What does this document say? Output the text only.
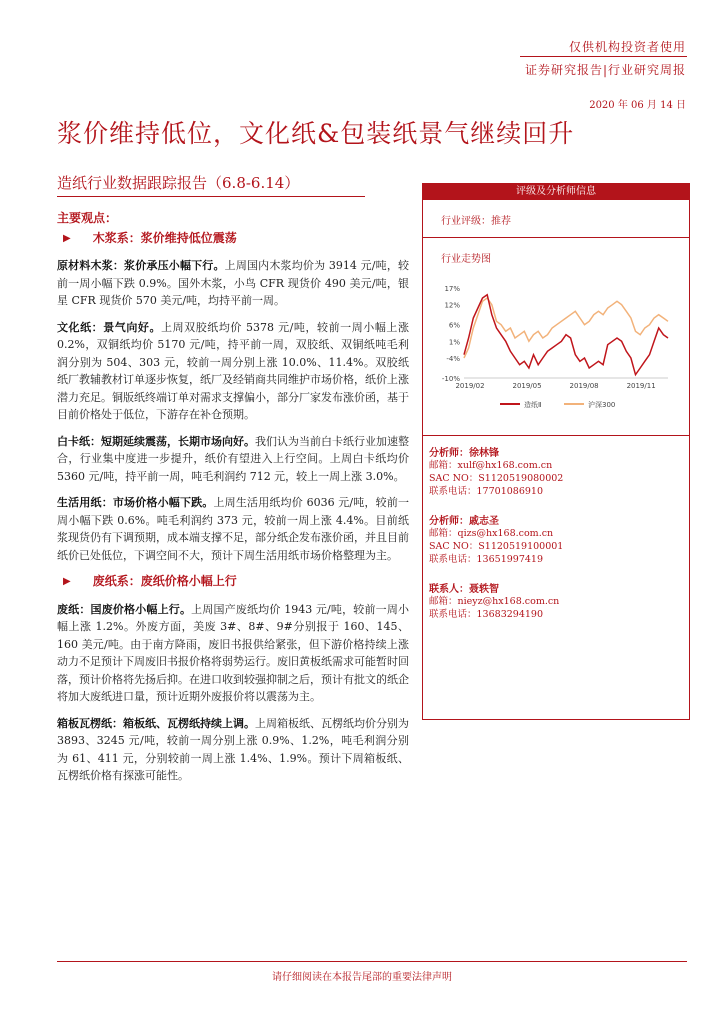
仅供机构投资者使用
证券研究报告|行业研究周报
2020 年 06 月 14 日
浆价维持低位，文化纸&包装纸景气继续回升
造纸行业数据跟踪报告（6.8-6.14）
主要观点：
▶ 木浆系：浆价维持低位震荡

原材料木浆：浆价承压小幅下行。上周国内木浆均价为 3914 元/吨，较前一周小幅下跌 0.9%。国外木浆，小鸟 CFR 现货价 490 美元/吨，银星 CFR 现货价 570 美元/吨，均持平前一周。

文化纸：景气向好。上周双胶纸均价 5378 元/吨，较前一周小幅上涨 0.2%，双铜纸均价 5170 元/吨，持平前一周，双胶纸、双铜纸吨毛利润分别为 504、303 元，较前一周分别上涨 10.0%、11.4%。双胶纸纸厂教辅教材订单逐步恢复，纸厂及经销商共同维护市场价格，纸价上涨潜力充足。铜版纸终端订单对需求支撑偏小，部分厂家发布涨价函，基于目前价格处于低位，下游存在补仓预期。

白卡纸：短期延续震荡，长期市场向好。我们认为当前白卡纸行业加速整合，行业集中度进一步提升，纸价有望进入上行空间。上周白卡纸均价 5360 元/吨，持平前一周，吨毛利润约 712 元，较上一周上涨 3.0%。

生活用纸：市场价格小幅下跌。上周生活用纸均价 6036 元/吨，较前一周小幅下跌 0.6%。吨毛利润约 373 元，较前一周上涨 4.4%。目前纸浆现货仍有下调预期，成本端支撑不足，部分纸企发布涨价函，并且目前纸价已处低位，下调空间不大，预计下周生活用纸市场价格整理为主。

▶ 废纸系：废纸价格小幅上行

废纸：国废价格小幅上行。上周国产废纸均价 1943 元/吨，较前一周小幅上涨 1.2%。外废方面，美废 3#、8#、9#分别报于 160、145、160 美元/吨。由于南方降雨，废旧书报供给紧张，但下游价格持续上涨动力不足预计下周废旧书报价格将弱势运行。废旧黄板纸需求可能暂时回落，预计价格将先扬后抑。在进口收到较强抑制之后，预计有批文的纸企将加大废纸进口量，预计近期外废报价将以震荡为主。

箱板瓦楞纸：箱板纸、瓦楞纸持续上调。上周箱板纸、瓦楞纸均价分别为 3893、3245 元/吨，较前一周分别上涨 0.9%、1.2%，吨毛利润分别为 61、411 元，分别较前一周上涨 1.4%、1.9%。预计下周箱板纸、瓦楞纸价格有探涨可能性。

评级及分析师信息
行业评级：推荐
行业走势图
分析师：徐林锋
邮箱：xulf@hx168.com.cn
SAC NO：S1120519080002
联系电话：17701086910
分析师：戚志圣
邮箱：qizs@hx168.com.cn
SAC NO：S1120519100001
联系电话：13651997419
联系人：聂轶智
邮箱：nieyz@hx168.com.cn
联系电话：13683294190
17%
12%
6%
1%
-4%
-10%
2019/02	2019/05	2019/08	2019/11
造纸Ⅱ	沪深300
请仔细阅读在本报告尾部的重要法律声明
